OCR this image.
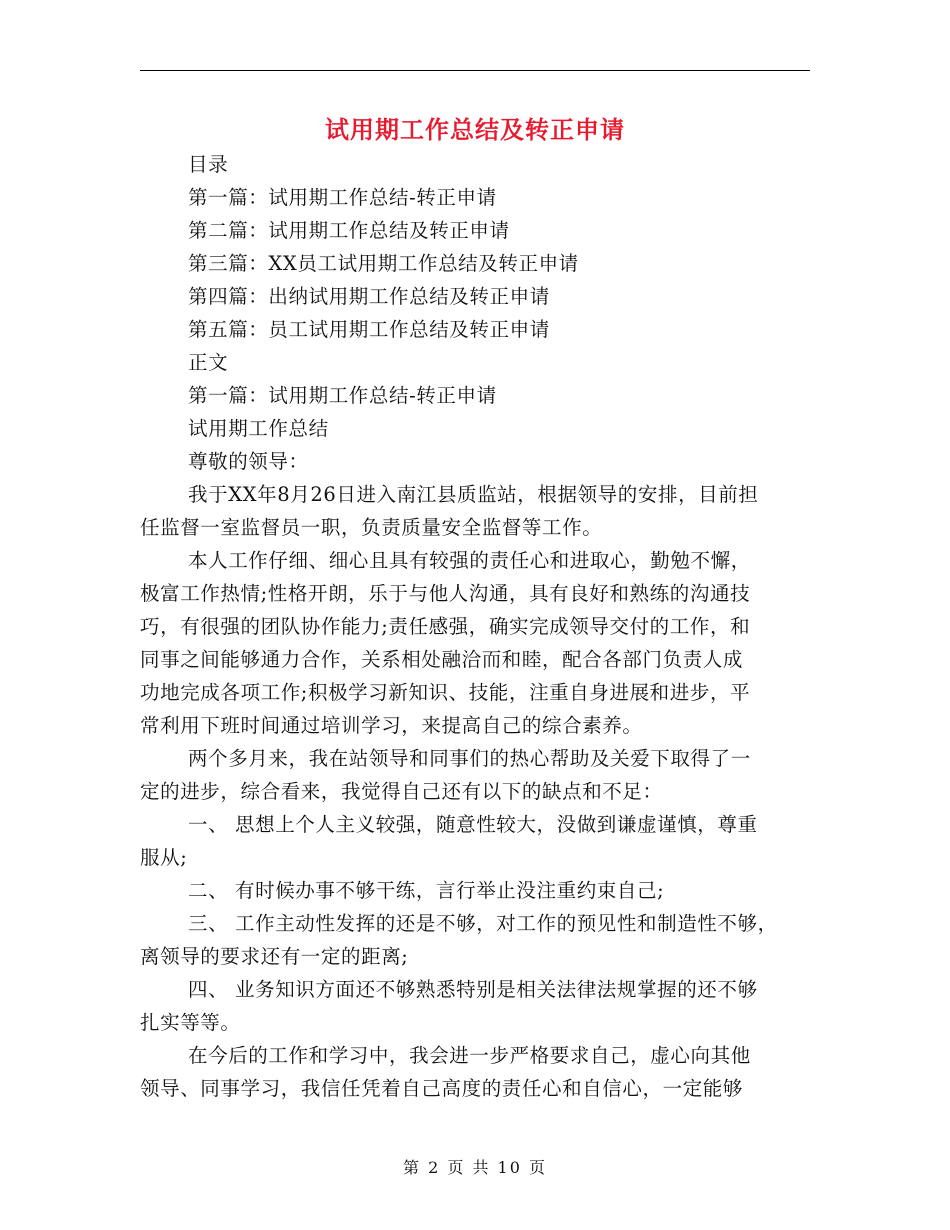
试用期工作总结及转正申请
目录
第一篇：试用期工作总结-转正申请
第二篇：试用期工作总结及转正申请
第三篇：XX员工试用期工作总结及转正申请
第四篇：出纳试用期工作总结及转正申请
第五篇：员工试用期工作总结及转正申请
正文
第一篇：试用期工作总结-转正申请
试用期工作总结
尊敬的领导：
我于XX年8月26日进入南江县质监站，根据领导的安排，目前担
任监督一室监督员一职，负责质量安全监督等工作。
本人工作仔细、细心且具有较强的责任心和进取心，勤勉不懈，
极富工作热情;性格开朗，乐于与他人沟通，具有良好和熟练的沟通技
巧，有很强的团队协作能力;责任感强，确实完成领导交付的工作，和
同事之间能够通力合作，关系相处融洽而和睦，配合各部门负责人成
功地完成各项工作;积极学习新知识、技能，注重自身进展和进步，平
常利用下班时间通过培训学习，来提高自己的综合素养。
两个多月来，我在站领导和同事们的热心帮助及关爱下取得了一
定的进步，综合看来，我觉得自己还有以下的缺点和不足：
一、 思想上个人主义较强，随意性较大，没做到谦虚谨慎，尊重
服从;
二、 有时候办事不够干练，言行举止没注重约束自己;
三、 工作主动性发挥的还是不够，对工作的预见性和制造性不够，
离领导的要求还有一定的距离;
四、 业务知识方面还不够熟悉特别是相关法律法规掌握的还不够
扎实等等。
在今后的工作和学习中，我会进一步严格要求自己，虚心向其他
领导、同事学习，我信任凭着自己高度的责任心和自信心，一定能够
第 2 页 共 10 页
